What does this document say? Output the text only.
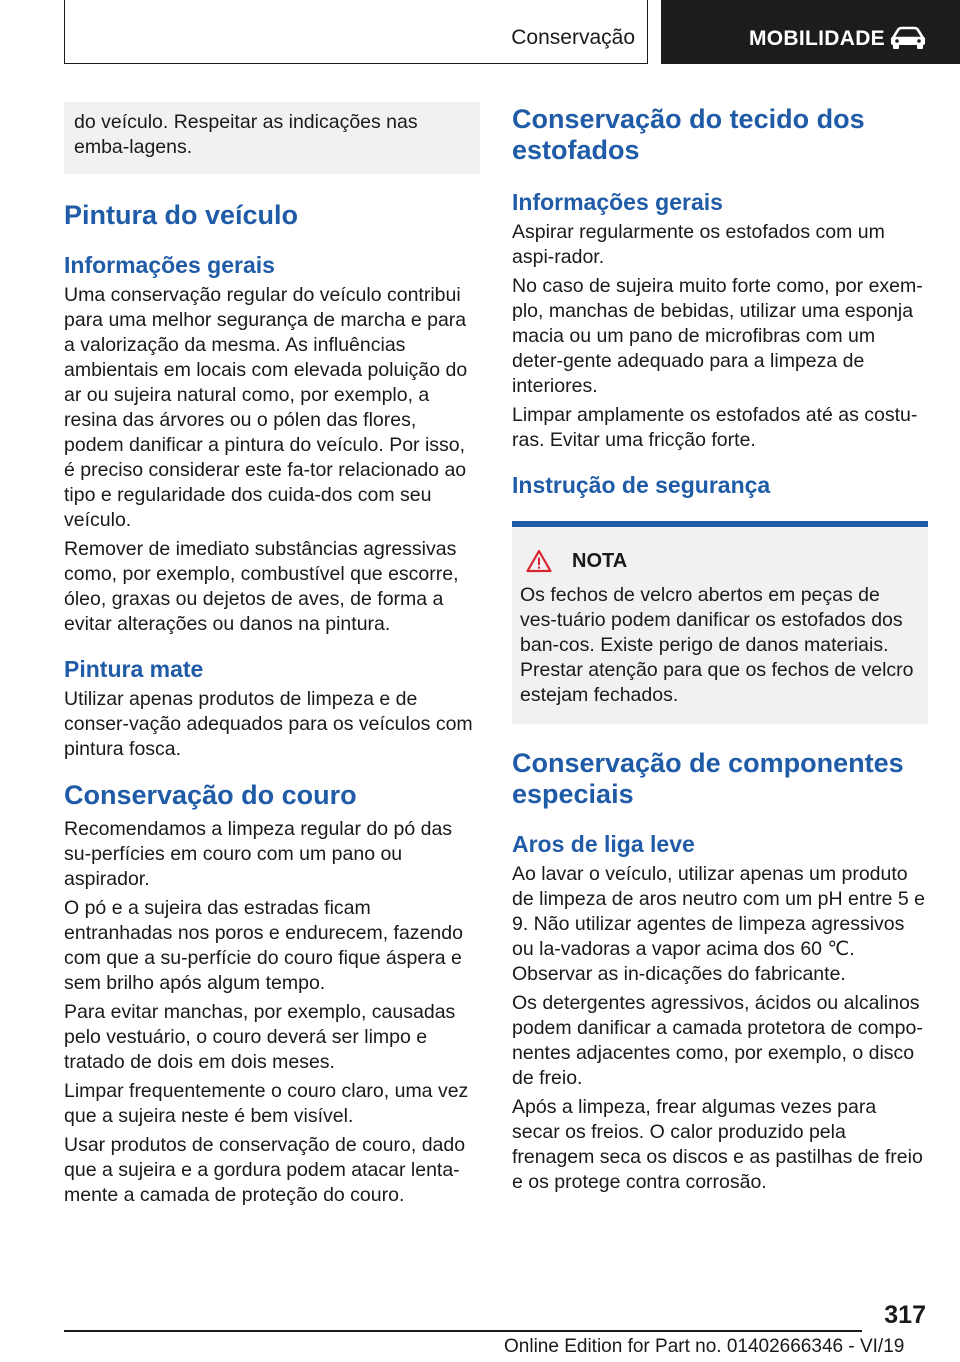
Conservação	MOBILIDADE

do veículo. Respeitar as indicações nas emba-lagens.

Pintura do veículo
Informações gerais

Uma conservação regular do veículo contribui para uma melhor segurança de marcha e para a valorização da mesma. As influências ambientais em locais com elevada poluição do ar ou sujeira natural como, por exemplo, a resina das árvores ou o pólen das flores, podem danificar a pintura do veículo. Por isso, é preciso considerar este fa-tor relacionado ao tipo e regularidade dos cuida-dos com seu veículo.

Remover de imediato substâncias agressivas como, por exemplo, combustível que escorre, óleo, graxas ou dejetos de aves, de forma a evitar alterações ou danos na pintura.

Pintura mate

Utilizar apenas produtos de limpeza e de conser-vação adequados para os veículos com pintura fosca.

Conservação do couro

Recomendamos a limpeza regular do pó das su-perfícies em couro com um pano ou aspirador.

O pó e a sujeira das estradas ficam entranhadas nos poros e endurecem, fazendo com que a su-perfície do couro fique áspera e sem brilho após algum tempo.

Para evitar manchas, por exemplo, causadas pelo vestuário, o couro deverá ser limpo e tratado de dois em dois meses.

Limpar frequentemente o couro claro, uma vez que a sujeira neste é bem visível.

Usar produtos de conservação de couro, dado que a sujeira e a gordura podem atacar lenta-mente a camada de proteção do couro.

Conservação do tecido dos estofados
Informações gerais

Aspirar regularmente os estofados com um aspi-rador.

No caso de sujeira muito forte como, por exem-plo, manchas de bebidas, utilizar uma esponja macia ou um pano de microfibras com um deter-gente adequado para a limpeza de interiores.

Limpar amplamente os estofados até as costu-ras. Evitar uma fricção forte.

Instrução de segurança
NOTA

Os fechos de velcro abertos em peças de ves-tuário podem danificar os estofados dos ban-cos. Existe perigo de danos materiais. Prestar atenção para que os fechos de velcro estejam fechados.

Conservação de componentes especiais
Aros de liga leve

Ao lavar o veículo, utilizar apenas um produto de limpeza de aros neutro com um pH entre 5 e 9. Não utilizar agentes de limpeza agressivos ou la-vadoras a vapor acima dos 60 ℃. Observar as in-dicações do fabricante.

Os detergentes agressivos, ácidos ou alcalinos podem danificar a camada protetora de compo-nentes adjacentes como, por exemplo, o disco de freio.

Após a limpeza, frear algumas vezes para secar os freios. O calor produzido pela frenagem seca os discos e as pastilhas de freio e os protege contra corrosão.

317
Online Edition for Part no. 01402666346 - VI/19
